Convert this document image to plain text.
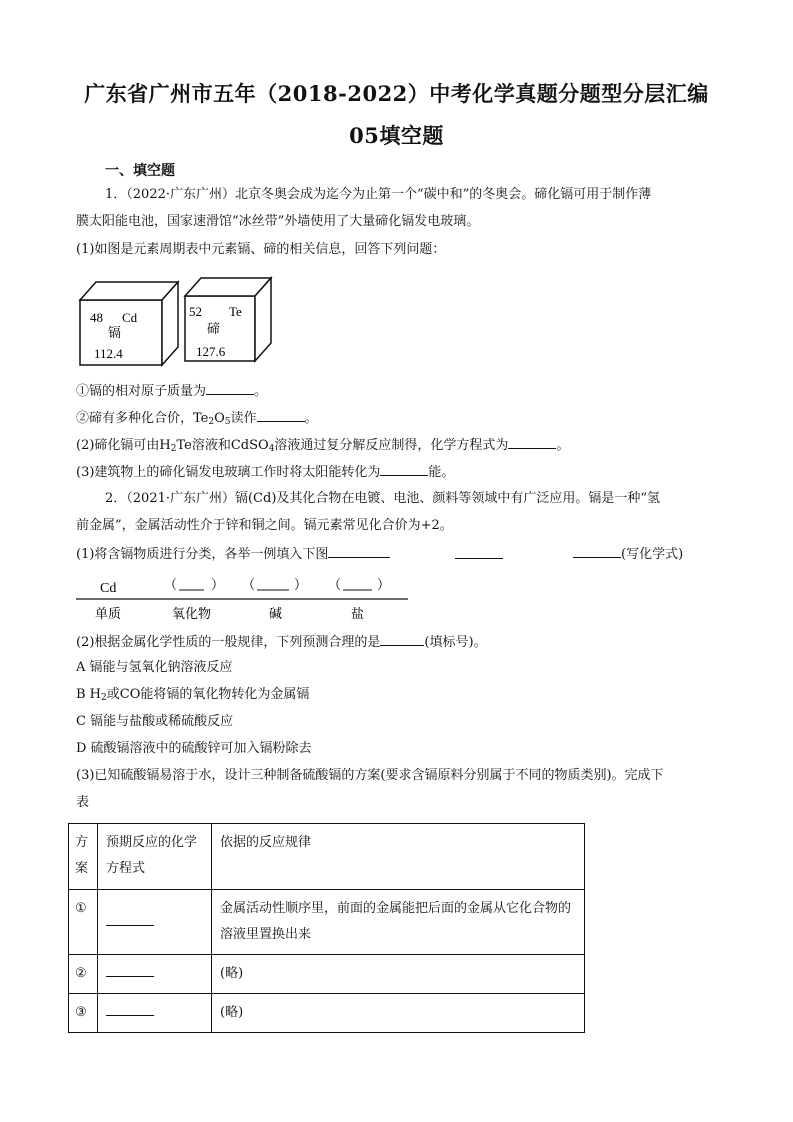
广东省广州市五年（2018-2022）中考化学真题分题型分层汇编
05填空题
一、填空题
1．（2022·广东广州）北京冬奥会成为迄今为止第一个“碳中和”的冬奥会。碲化镉可用于制作薄
膜太阳能电池，国家速滑馆“冰丝带”外墙使用了大量碲化镉发电玻璃。
(1)如图是元素周期表中元素镉、碲的相关信息，回答下列问题：
48 Cd
镉
112.4
52 Te
碲
127.6
①镉的相对原子质量为	。
②碲有多种化合价，$Te_2O_5$读作	。
(2)碲化镉可由$H_2Te$溶液和CdSO$_4$溶液通过复分解反应制得，化学方程式为	。
(3)建筑物上的碲化镉发电玻璃工作时将太阳能转化为	能。
2．（2021·广东广州）镉(Cd)及其化合物在电镀、电池、颜料等领域中有广泛应用。镉是一种“氢
前金属”，金属活动性介于锌和铜之间。镉元素常见化合价为+2。
(1)将含镉物质进行分类，各举一例填入下图	(写化学式)
Cd	（	） （	） （	）
单质	氧化物	碱	盐
(2)根据金属化学性质的一般规律，下列预测合理的是	(填标号)。
A 镉能与氢氧化钠溶液反应
B $H_2$或CO能将镉的氧化物转化为金属镉
C 镉能与盐酸或稀硫酸反应
D 硫酸镉溶液中的硫酸锌可加入镉粉除去
(3)已知硫酸镉易溶于水，设计三种制备硫酸镉的方案(要求含镉原料分别属于不同的物质类别)。完成下
表
方案	预期反应的化学方程式	依据的反应规律

①		金属活动性顺序里，前面的金属能把后面的金属从它化合物的溶液里置换出来

②		(略)

③		(略)
